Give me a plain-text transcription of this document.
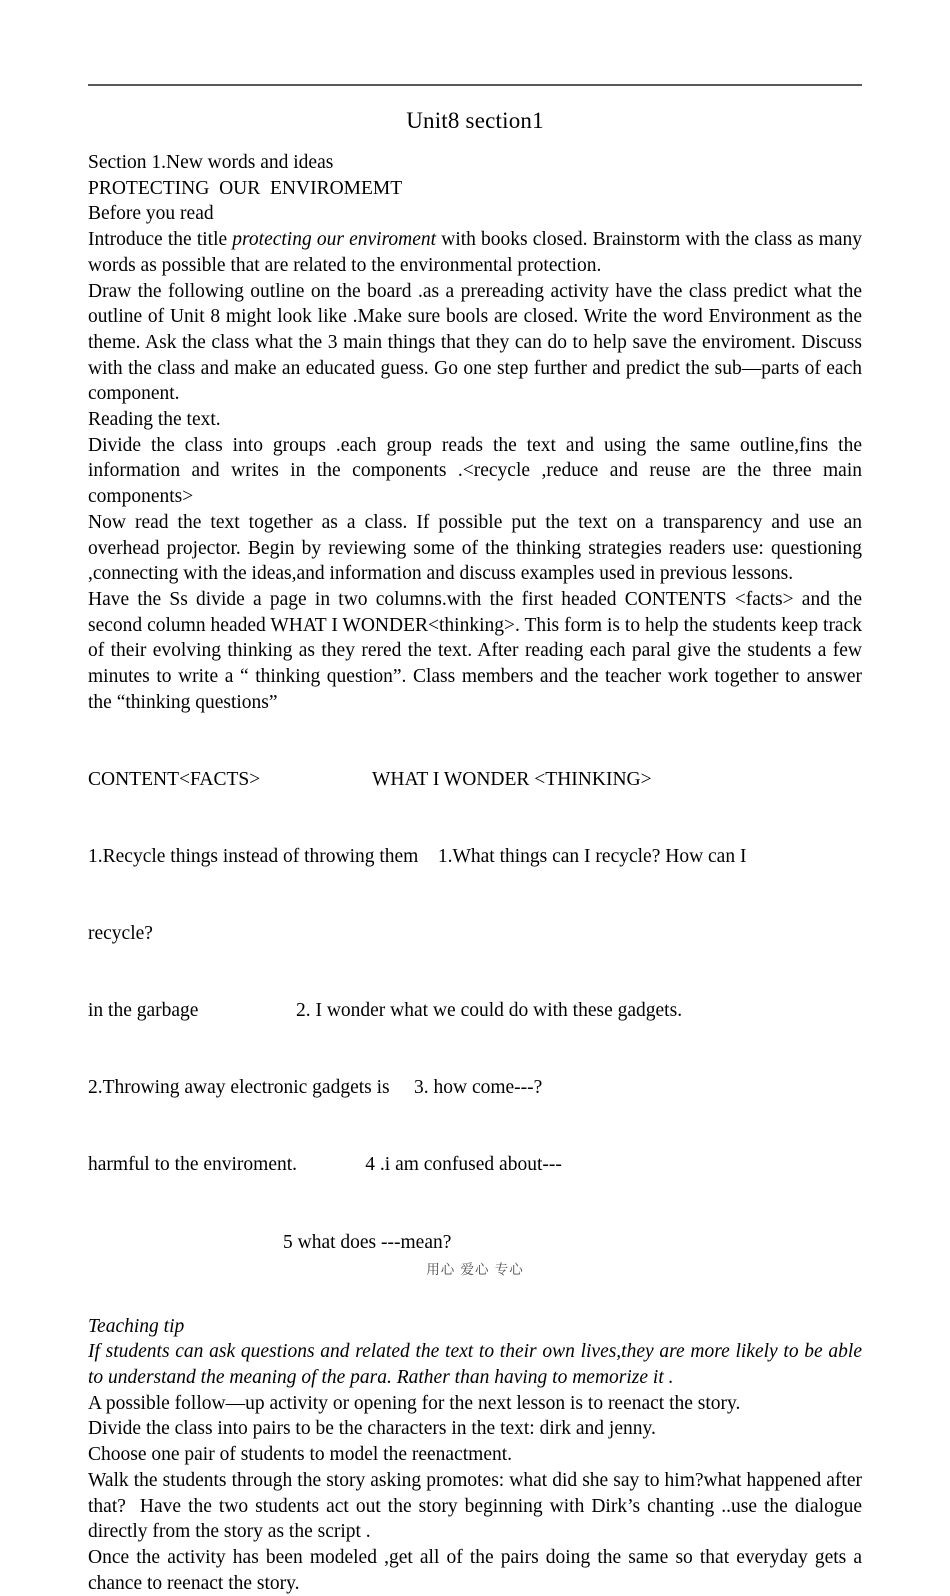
Unit8 section1

Section 1.New words and ideas

PROTECTING  OUR  ENVIROMEMT

Before you read

Introduce the title protecting our enviroment with books closed. Brainstorm with the class as many words as possible that are related to the environmental protection.

Draw the following outline on the board .as a prereading activity have the class predict what the outline of Unit 8 might look like .Make sure bools are closed. Write the word Environment as the theme. Ask the class what the 3 main things that they can do to help save the enviroment. Discuss with the class and make an educated guess. Go one step further and predict the sub—parts of each component.

Reading the text.

Divide the class into groups .each group reads the text and using the same outline,fins the information and writes in the components .<recycle ,reduce and reuse are the three main components>

Now read the text together as a class. If possible put the text on a transparency and use an overhead projector. Begin by reviewing some of the thinking strategies readers use: questioning ,connecting with the ideas,and information and discuss examples used in previous lessons.

Have the Ss divide a page in two columns.with the first headed CONTENTS <facts> and the second column headed WHAT I WONDER<thinking>. This form is to help the students keep track of their evolving thinking as they rered the text. After reading each paral give the students a few minutes to write a “ thinking question”. Class members and the teacher work together to answer the “thinking questions”

CONTENT<FACTS>                       WHAT I WONDER <THINKING>

1.Recycle things instead of throwing them    1.What things can I recycle? How can I

recycle?

in the garbage                    2. I wonder what we could do with these gadgets.

2.Throwing away electronic gadgets is     3. how come---?

harmful to the enviroment.              4 .i am confused about---

5 what does ---mean?

Teaching tip

If students can ask questions and related the text to their own lives,they are more likely to be able to understand the meaning of the para. Rather than having to memorize it .

A possible follow—up activity or opening for the next lesson is to reenact the story.

Divide the class into pairs to be the characters in the text: dirk and jenny.

Choose one pair of students to model the reenactment.

Walk the students through the story asking promotes: what did she say to him?what happened after that?  Have the two students act out the story beginning with Dirk’s chanting ..use the dialogue directly from the story as the script .

Once the activity has been modeled ,get all of the pairs doing the same so that everyday gets a chance to reenact the story.

用心 爱心 专心
